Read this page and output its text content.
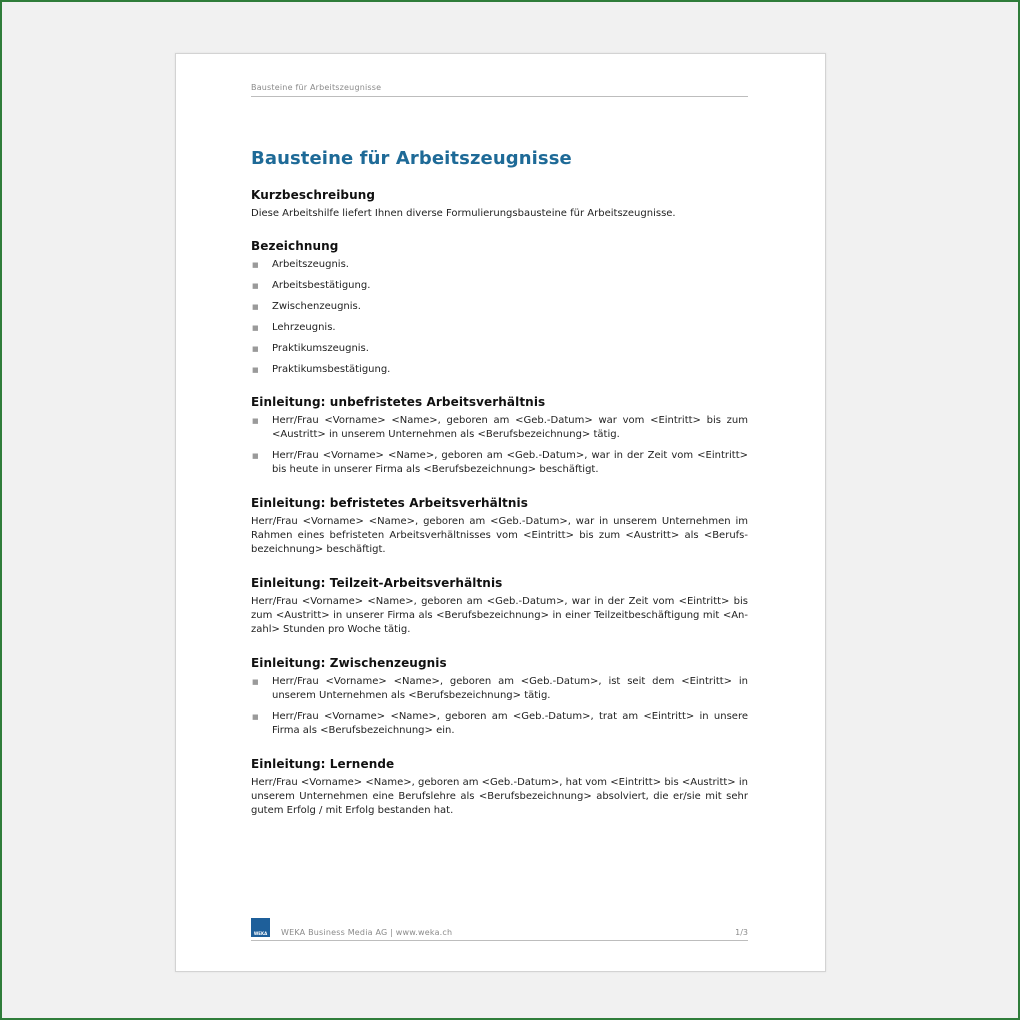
Bausteine für Arbeitszeugnisse
Bausteine für Arbeitszeugnisse
Kurzbeschreibung

Diese Arbeitshilfe liefert Ihnen diverse Formulierungsbausteine für Arbeitszeugnisse.

Bezeichnung
■ Arbeitszeugnis.
■ Arbeitsbestätigung.
■ Zwischenzeugnis.
■ Lehrzeugnis.
■ Praktikumszeugnis.
■ Praktikumsbestätigung.
Einleitung: unbefristetes Arbeitsverhältnis
■ Herr/Frau <Vorname> <Name>, geboren am <Geb.-Datum> war vom <Eintritt> bis zum <Austritt> in unserem Unternehmen als <Berufsbezeichnung> tätig.
■ Herr/Frau <Vorname> <Name>, geboren am <Geb.-Datum>, war in der Zeit vom <Eintritt> bis heute in unserer Firma als <Berufsbezeichnung> beschäftigt.
Einleitung: befristetes Arbeitsverhältnis

Herr/Frau <Vorname> <Name>, geboren am <Geb.-Datum>, war in unserem Unternehmen im Rahmen eines befristeten Arbeitsverhältnisses vom <Eintritt> bis zum <Austritt> als <Berufs-bezeichnung> beschäftigt.

Einleitung: Teilzeit-Arbeitsverhältnis

Herr/Frau <Vorname> <Name>, geboren am <Geb.-Datum>, war in der Zeit vom <Eintritt> bis zum <Austritt> in unserer Firma als <Berufsbezeichnung> in einer Teilzeitbeschäftigung mit <An-zahl> Stunden pro Woche tätig.

Einleitung: Zwischenzeugnis
■ Herr/Frau <Vorname> <Name>, geboren am <Geb.-Datum>, ist seit dem <Eintritt> in unserem Unternehmen als <Berufsbezeichnung> tätig.
■ Herr/Frau <Vorname> <Name>, geboren am <Geb.-Datum>, trat am <Eintritt> in unsere Firma als <Berufsbezeichnung> ein.
Einleitung: Lernende

Herr/Frau <Vorname> <Name>, geboren am <Geb.-Datum>, hat vom <Eintritt> bis <Austritt> in unserem Unternehmen eine Berufslehre als <Berufsbezeichnung> absolviert, die er/sie mit sehr gutem Erfolg / mit Erfolg bestanden hat.

WEKA	WEKA Business Media AG | www.weka.ch	1/3
